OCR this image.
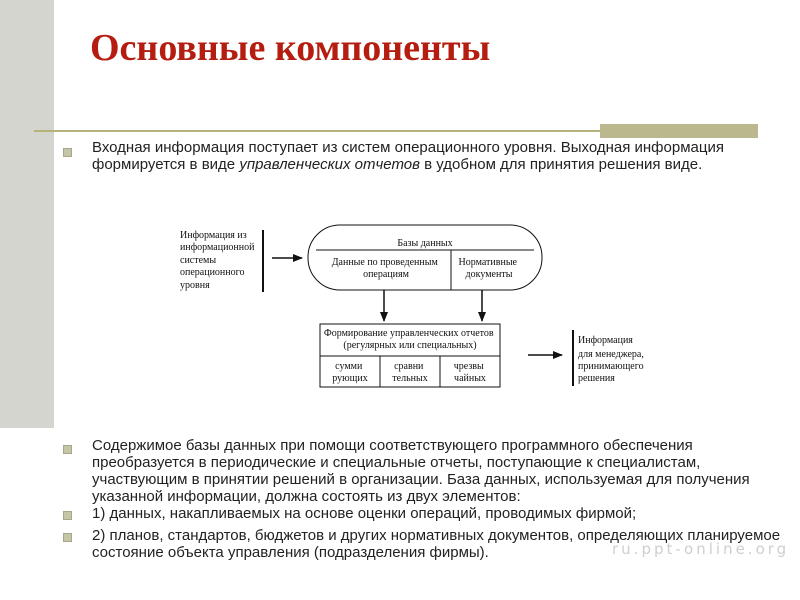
Основные компоненты

Входная информация поступает из систем операционного уровня. Выходная информация формируется в виде управленческих отчетов в удобном для принятия решения виде.

Информация из информационной системы операционного уровня
Базы данных
Данные по проведенным операциям
Нормативные документы
Формирование управленческих отчетов (регулярных или специальных)
сумми рующих
сравни тельных
чрезвы чайных
Информация для менеджера, принимающего решения

Содержимое базы данных при помощи соответствующего программного обеспечения преобразуется в периодические и специальные отчеты, поступающие к специалистам, участвующим в принятии решений в организации. База данных, используемая для получения указанной информации, должна состоять из двух элементов:

1) данных, накапливаемых на основе оценки операций, проводимых фирмой;

2) планов, стандартов, бюджетов и других нормативных документов, определяющих планируемое состояние объекта управления (подразделения фирмы).	ru.ppt-online.org
